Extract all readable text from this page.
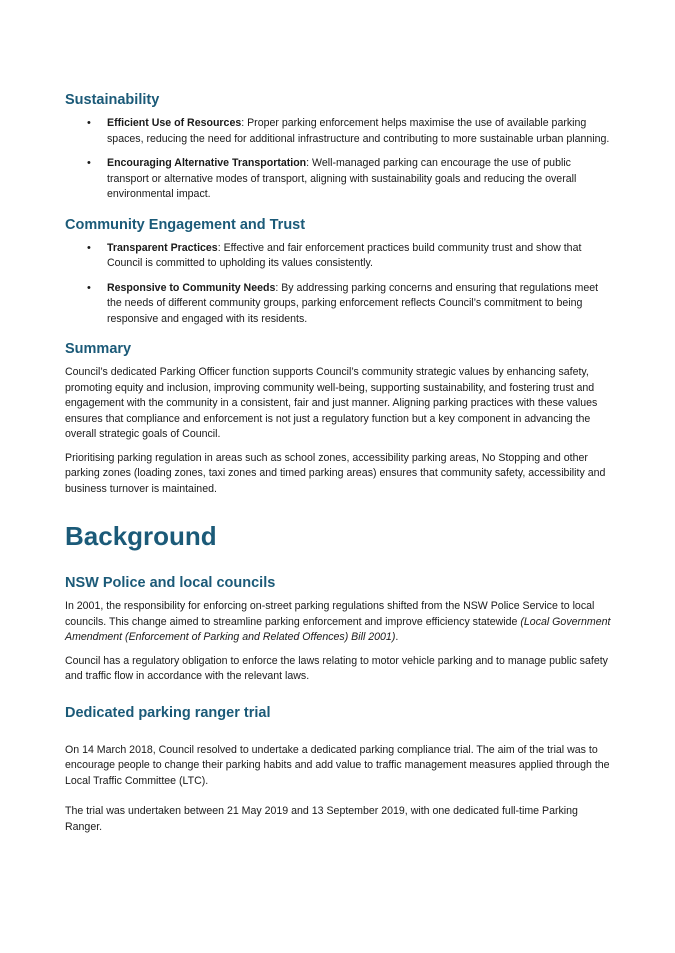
Sustainability
• Efficient Use of Resources: Proper parking enforcement helps maximise the use of available parking spaces, reducing the need for additional infrastructure and contributing to more sustainable urban planning.
• Encouraging Alternative Transportation: Well-managed parking can encourage the use of public transport or alternative modes of transport, aligning with sustainability goals and reducing the overall environmental impact.
Community Engagement and Trust
• Transparent Practices: Effective and fair enforcement practices build community trust and show that Council is committed to upholding its values consistently.
• Responsive to Community Needs: By addressing parking concerns and ensuring that regulations meet the needs of different community groups, parking enforcement reflects Council’s commitment to being responsive and engaged with its residents.
Summary

Council’s dedicated Parking Officer function supports Council’s community strategic values by enhancing safety, promoting equity and inclusion, improving community well-being, supporting sustainability, and fostering trust and engagement with the community in a consistent, fair and just manner. Aligning parking practices with these values ensures that compliance and enforcement is not just a regulatory function but a key component in advancing the overall strategic goals of Council.

Prioritising parking regulation in areas such as school zones, accessibility parking areas, No Stopping and other parking zones (loading zones, taxi zones and timed parking areas) ensures that community safety, accessibility and business turnover is maintained.

Background
NSW Police and local councils

In 2001, the responsibility for enforcing on-street parking regulations shifted from the NSW Police Service to local councils. This change aimed to streamline parking enforcement and improve efficiency statewide (Local Government Amendment (Enforcement of Parking and Related Offences) Bill 2001).

Council has a regulatory obligation to enforce the laws relating to motor vehicle parking and to manage public safety and traffic flow in accordance with the relevant laws.

Dedicated parking ranger trial

On 14 March 2018, Council resolved to undertake a dedicated parking compliance trial. The aim of the trial was to encourage people to change their parking habits and add value to traffic management measures applied through the Local Traffic Committee (LTC).

The trial was undertaken between 21 May 2019 and 13 September 2019, with one dedicated full-time Parking Ranger.
